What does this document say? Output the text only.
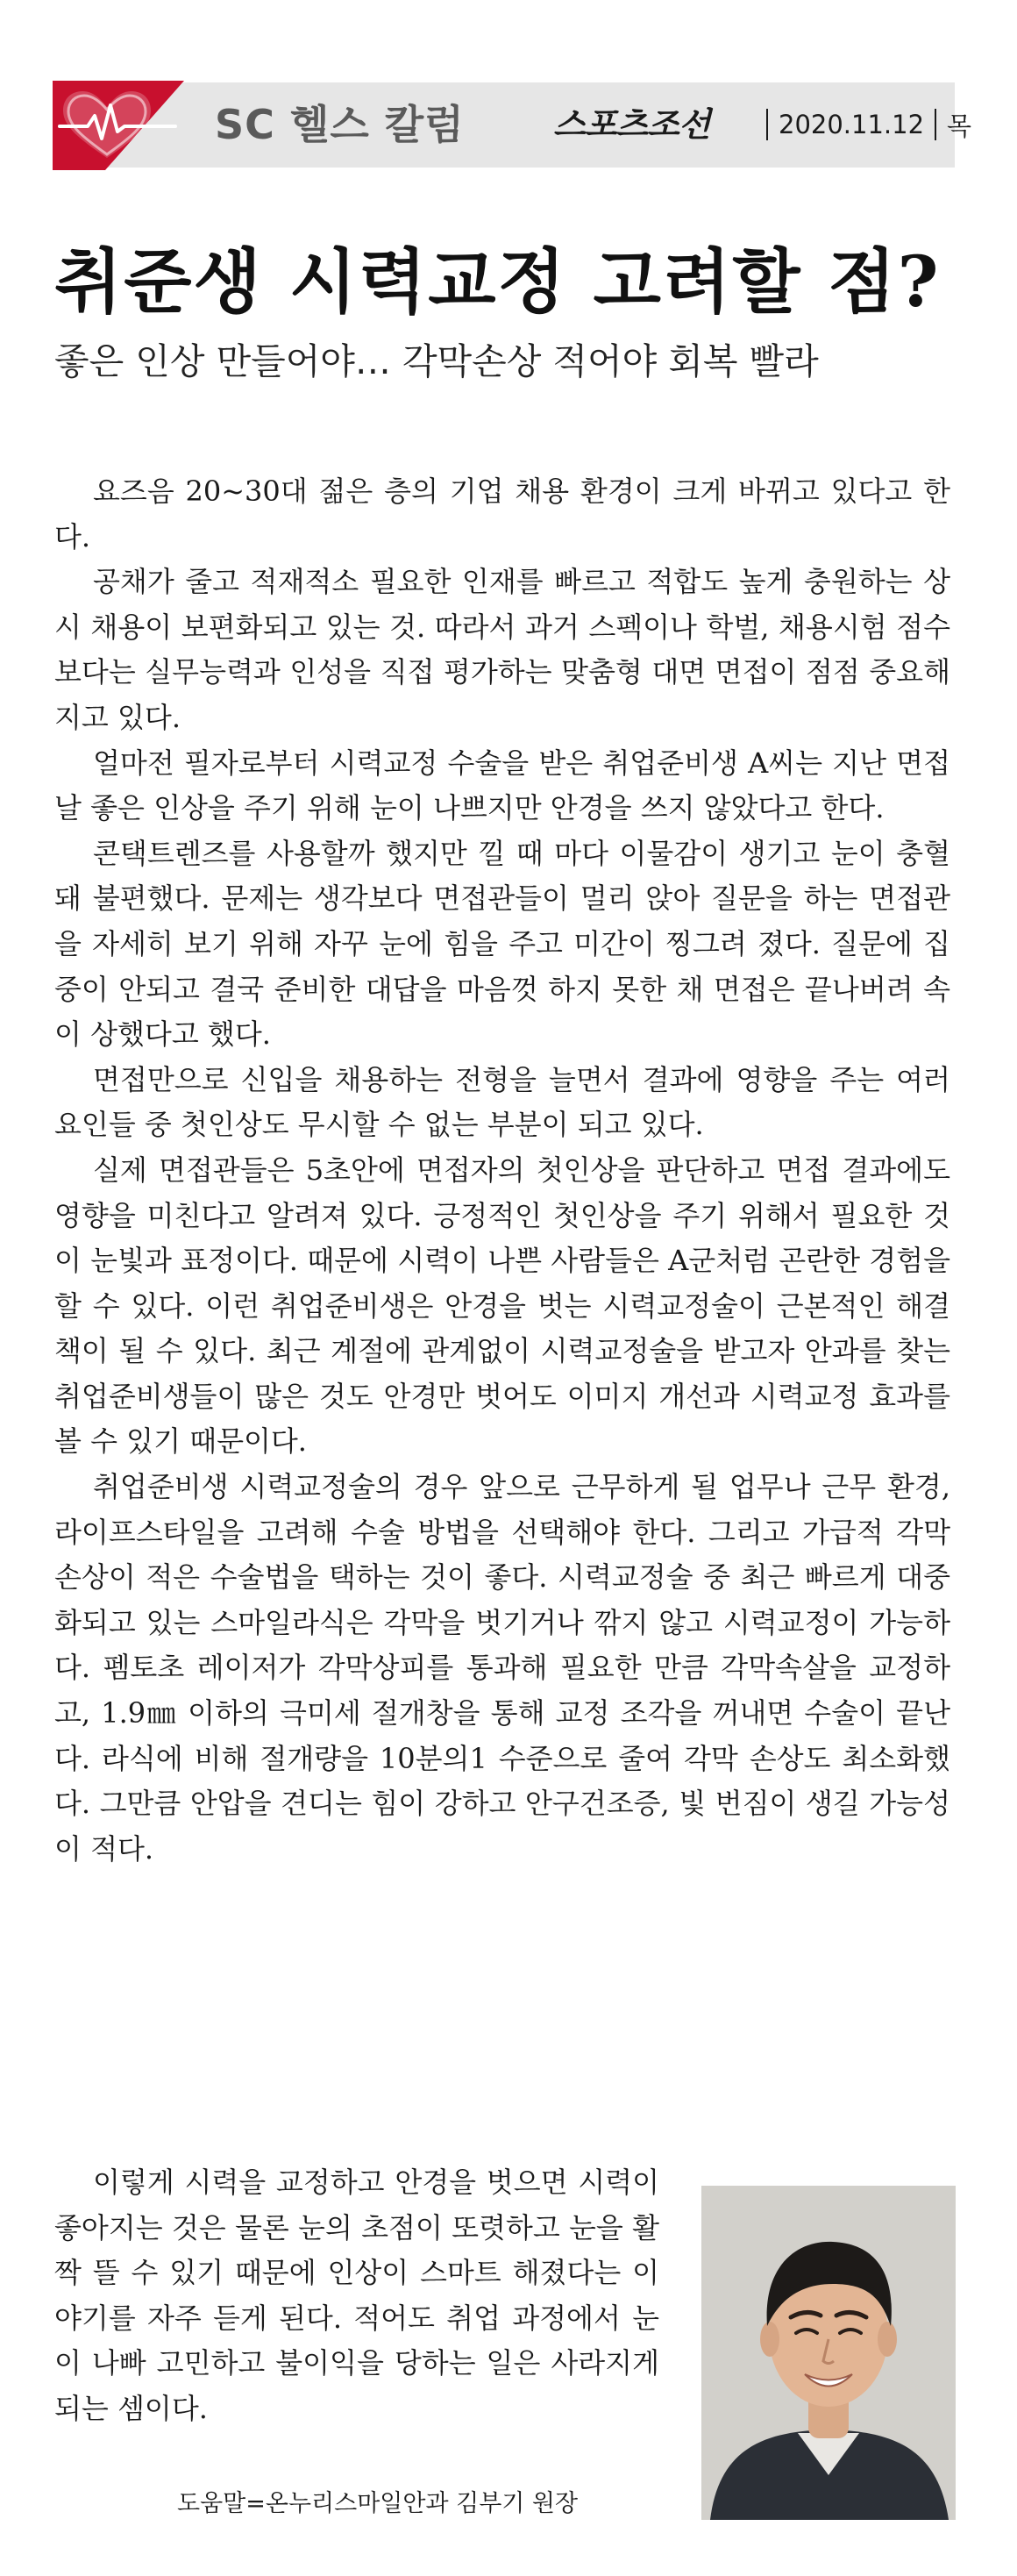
SC 헬스 칼럼	스포츠조선	2020.11.12 목
취준생 시력교정 고려할 점?
좋은 인상 만들어야… 각막손상 적어야 회복 빨라

요즈음 20~30대 젊은 층의 기업 채용 환경이 크게 바뀌고 있다고 한다.

공채가 줄고 적재적소 필요한 인재를 빠르고 적합도 높게 충원하는 상시 채용이 보편화되고 있는 것. 따라서 과거 스펙이나 학벌, 채용시험 점수 보다는 실무능력과 인성을 직접 평가하는 맞춤형 대면 면접이 점점 중요해지고 있다.

얼마전 필자로부터 시력교정 수술을 받은 취업준비생 A씨는 지난 면접 날 좋은 인상을 주기 위해 눈이 나쁘지만 안경을 쓰지 않았다고 한다.

콘택트렌즈를 사용할까 했지만 낄 때 마다 이물감이 생기고 눈이 충혈돼 불편했다. 문제는 생각보다 면접관들이 멀리 앉아 질문을 하는 면접관을 자세히 보기 위해 자꾸 눈에 힘을 주고 미간이 찡그려 졌다. 질문에 집중이 안되고 결국 준비한 대답을 마음껏 하지 못한 채 면접은 끝나버려 속이 상했다고 했다.

면접만으로 신입을 채용하는 전형을 늘면서 결과에 영향을 주는 여러 요인들 중 첫인상도 무시할 수 없는 부분이 되고 있다.

실제 면접관들은 5초안에 면접자의 첫인상을 판단하고 면접 결과에도 영향을 미친다고 알려져 있다. 긍정적인 첫인상을 주기 위해서 필요한 것이 눈빛과 표정이다. 때문에 시력이 나쁜 사람들은 A군처럼 곤란한 경험을 할 수 있다. 이런 취업준비생은 안경을 벗는 시력교정술이 근본적인 해결책이 될 수 있다. 최근 계절에 관계없이 시력교정술을 받고자 안과를 찾는 취업준비생들이 많은 것도 안경만 벗어도 이미지 개선과 시력교정 효과를 볼 수 있기 때문이다.

취업준비생 시력교정술의 경우 앞으로 근무하게 될 업무나 근무 환경, 라이프스타일을 고려해 수술 방법을 선택해야 한다. 그리고 가급적 각막 손상이 적은 수술법을 택하는 것이 좋다. 시력교정술 중 최근 빠르게 대중화되고 있는 스마일라식은 각막을 벗기거나 깎지 않고 시력교정이 가능하다. 펨토초 레이저가 각막상피를 통과해 필요한 만큼 각막속살을 교정하고, 1.9㎜ 이하의 극미세 절개창을 통해 교정 조각을 꺼내면 수술이 끝난다. 라식에 비해 절개량을 10분의1 수준으로 줄여 각막 손상도 최소화했다. 그만큼 안압을 견디는 힘이 강하고 안구건조증, 빛 번짐이 생길 가능성이 적다.

이렇게 시력을 교정하고 안경을 벗으면 시력이 좋아지는 것은 물론 눈의 초점이 또렷하고 눈을 활짝 뜰 수 있기 때문에 인상이 스마트 해졌다는 이야기를 자주 듣게 된다. 적어도 취업 과정에서 눈이 나빠 고민하고 불이익을 당하는 일은 사라지게 되는 셈이다.

도움말=온누리스마일안과 김부기 원장
